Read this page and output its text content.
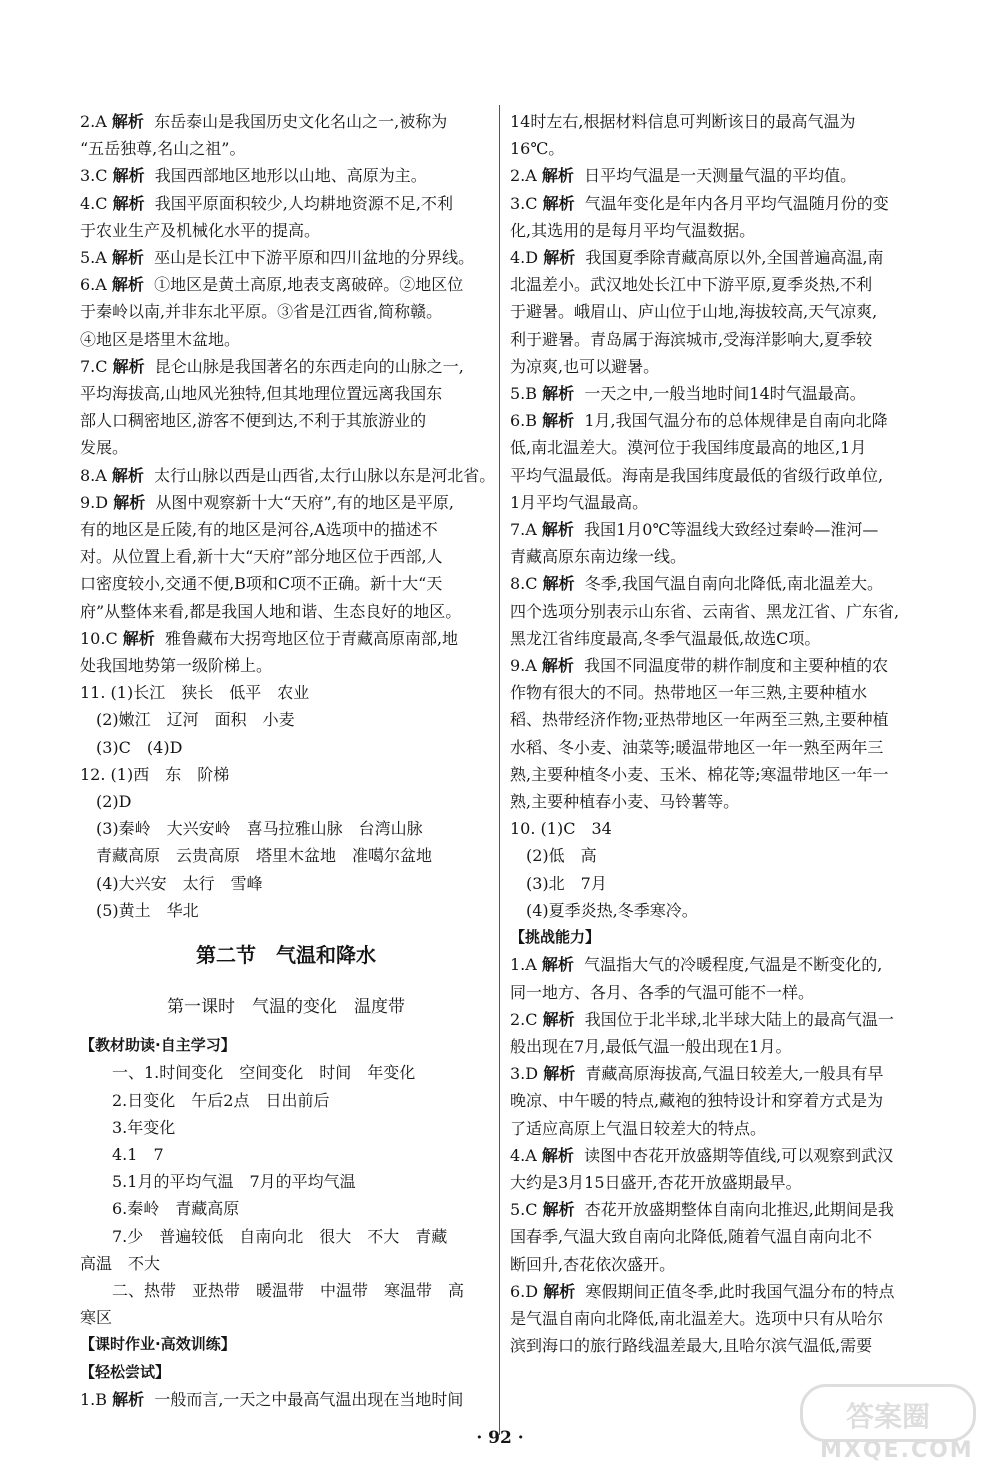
2.A 解析 东岳泰山是我国历史文化名山之一,被称为
“五岳独尊,名山之祖”。
3.C 解析 我国西部地区地形以山地、高原为主。
4.C 解析 我国平原面积较少,人均耕地资源不足,不利
于农业生产及机械化水平的提高。
5.A 解析 巫山是长江中下游平原和四川盆地的分界线。
6.A 解析 ①地区是黄土高原,地表支离破碎。②地区位
于秦岭以南,并非东北平原。③省是江西省,简称赣。
④地区是塔里木盆地。
7.C 解析 昆仑山脉是我国著名的东西走向的山脉之一,
平均海拔高,山地风光独特,但其地理位置远离我国东
部人口稠密地区,游客不便到达,不利于其旅游业的
发展。
8.A 解析 太行山脉以西是山西省,太行山脉以东是河北省。
9.D 解析 从图中观察新十大“天府”,有的地区是平原,
有的地区是丘陵,有的地区是河谷,A选项中的描述不
对。从位置上看,新十大“天府”部分地区位于西部,人
口密度较小,交通不便,B项和C项不正确。新十大“天
府”从整体来看,都是我国人地和谐、生态良好的地区。
10.C 解析 雅鲁藏布大拐弯地区位于青藏高原南部,地
处我国地势第一级阶梯上。
11. (1)长江　狭长　低平　农业
　(2)嫩江　辽河　面积　小麦
　(3)C　(4)D
12. (1)西　东　阶梯
　(2)D
　(3)秦岭　大兴安岭　喜马拉雅山脉　台湾山脉
　青藏高原　云贵高原　塔里木盆地　准噶尔盆地
　(4)大兴安　太行　雪峰
　(5)黄土　华北
第二节　气温和降水
第一课时　气温的变化　温度带
【教材助读·自主学习】
　　一、1.时间变化　空间变化　时间　年变化
　　2.日变化　午后2点　日出前后
　　3.年变化
　　4.1　7
　　5.1月的平均气温　7月的平均气温
　　6.秦岭　青藏高原
　　7.少　普遍较低　自南向北　很大　不大　青藏
高温　不大
　　二、热带　亚热带　暖温带　中温带　寒温带　高
寒区
【课时作业·高效训练】
【轻松尝试】
1.B 解析 一般而言,一天之中最高气温出现在当地时间
14时左右,根据材料信息可判断该日的最高气温为
16℃。
2.A 解析 日平均气温是一天测量气温的平均值。
3.C 解析 气温年变化是年内各月平均气温随月份的变
化,其选用的是每月平均气温数据。
4.D 解析 我国夏季除青藏高原以外,全国普遍高温,南
北温差小。武汉地处长江中下游平原,夏季炎热,不利
于避暑。峨眉山、庐山位于山地,海拔较高,天气凉爽,
利于避暑。青岛属于海滨城市,受海洋影响大,夏季较
为凉爽,也可以避暑。
5.B 解析 一天之中,一般当地时间14时气温最高。
6.B 解析 1月,我国气温分布的总体规律是自南向北降
低,南北温差大。漠河位于我国纬度最高的地区,1月
平均气温最低。海南是我国纬度最低的省级行政单位,
1月平均气温最高。
7.A 解析 我国1月0℃等温线大致经过秦岭—淮河—
青藏高原东南边缘一线。
8.C 解析 冬季,我国气温自南向北降低,南北温差大。
四个选项分别表示山东省、云南省、黑龙江省、广东省,
黑龙江省纬度最高,冬季气温最低,故选C项。
9.A 解析 我国不同温度带的耕作制度和主要种植的农
作物有很大的不同。热带地区一年三熟,主要种植水
稻、热带经济作物;亚热带地区一年两至三熟,主要种植
水稻、冬小麦、油菜等;暖温带地区一年一熟至两年三
熟,主要种植冬小麦、玉米、棉花等;寒温带地区一年一
熟,主要种植春小麦、马铃薯等。
10. (1)C　34
　(2)低　高
　(3)北　7月
　(4)夏季炎热,冬季寒冷。
【挑战能力】
1.A 解析 气温指大气的冷暖程度,气温是不断变化的,
同一地方、各月、各季的气温可能不一样。
2.C 解析 我国位于北半球,北半球大陆上的最高气温一
般出现在7月,最低气温一般出现在1月。
3.D 解析 青藏高原海拔高,气温日较差大,一般具有早
晚凉、中午暖的特点,藏袍的独特设计和穿着方式是为
了适应高原上气温日较差大的特点。
4.A 解析 读图中杏花开放盛期等值线,可以观察到武汉
大约是3月15日盛开,杏花开放盛期最早。
5.C 解析 杏花开放盛期整体自南向北推迟,此期间是我
国春季,气温大致自南向北降低,随着气温自南向北不
断回升,杏花依次盛开。
6.D 解析 寒假期间正值冬季,此时我国气温分布的特点
是气温自南向北降低,南北温差大。选项中只有从哈尔
滨到海口的旅行路线温差最大,且哈尔滨气温低,需要
· 92 ·
答案圈
MXQE.COM
